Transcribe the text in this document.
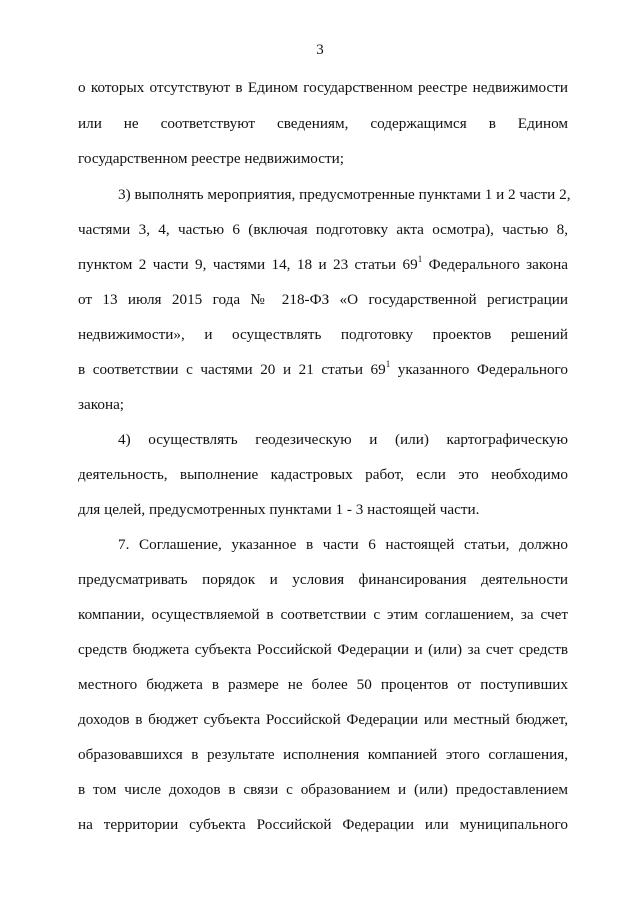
3
о которых отсутствуют в Едином государственном реестре недвижимости
или не соответствуют сведениям, содержащимся в Едином
государственном реестре недвижимости;
3) выполнять мероприятия, предусмотренные пунктами 1 и 2 части 2,
частями 3, 4, частью 6 (включая подготовку акта осмотра), частью 8,
пунктом 2 части 9, частями 14, 18 и 23 статьи $69^1$ Федерального закона
от 13 июля 2015 года № 218-ФЗ «О государственной регистрации
недвижимости», и осуществлять подготовку проектов решений
в соответствии с частями 20 и 21 статьи $69^1$ указанного Федерального
закона;
4) осуществлять геодезическую и (или) картографическую
деятельность, выполнение кадастровых работ, если это необходимо
для целей, предусмотренных пунктами 1 - 3 настоящей части.
7. Соглашение, указанное в части 6 настоящей статьи, должно
предусматривать порядок и условия финансирования деятельности
компании, осуществляемой в соответствии с этим соглашением, за счет
средств бюджета субъекта Российской Федерации и (или) за счет средств
местного бюджета в размере не более 50 процентов от поступивших
доходов в бюджет субъекта Российской Федерации или местный бюджет,
образовавшихся в результате исполнения компанией этого соглашения,
в том числе доходов в связи с образованием и (или) предоставлением
на территории субъекта Российской Федерации или муниципального
